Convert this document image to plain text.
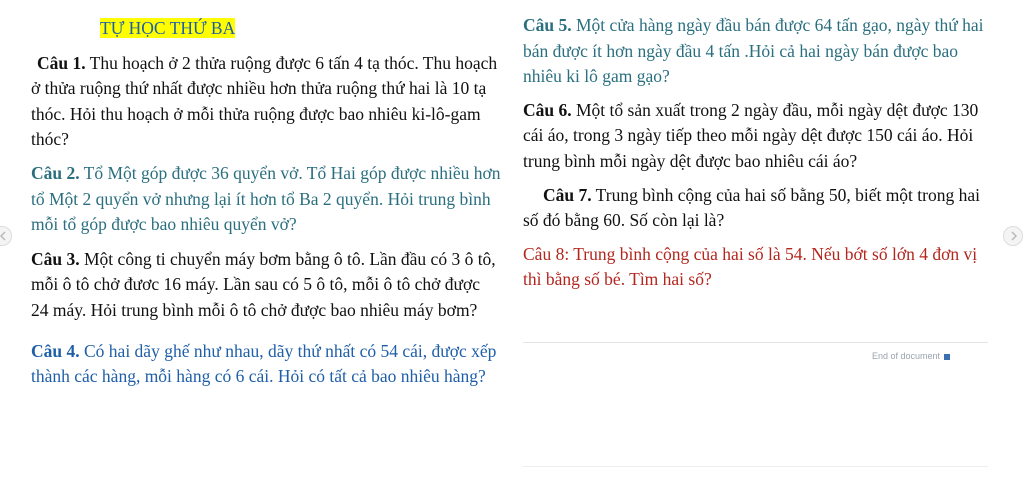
TỰ HỌC THỨ BA

Câu 1. Thu hoạch ở 2 thửa ruộng được 6 tấn 4 tạ thóc. Thu hoạch ở thửa ruộng thứ nhất được nhiều hơn thửa ruộng thứ hai là 10 tạ thóc. Hỏi thu hoạch ở mỗi thửa ruộng được bao nhiêu ki-lô-gam thóc?

Câu 2. Tổ Một góp được 36 quyển vở. Tổ Hai góp được nhiều hơn tổ Một 2 quyển vở nhưng lại ít hơn tổ Ba 2 quyển. Hỏi trung bình mỗi tổ góp được bao nhiêu quyển vở?

Câu 3. Một công ti chuyển máy bơm bằng ô tô. Lần đầu có 3 ô tô, mỗi ô tô chở đươc 16 máy. Lần sau có 5 ô tô, mỗi ô tô chở được 24 máy. Hỏi trung bình mỗi ô tô chở được bao nhiêu máy bơm?

Câu 4. Có hai dãy ghế như nhau, dãy thứ nhất có 54 cái, được xếp thành các hàng, mỗi hàng có 6 cái. Hỏi có tất cả bao nhiêu hàng?

Câu 5. Một cửa hàng ngày đầu bán được 64 tấn gạo, ngày thứ hai bán được ít hơn ngày đầu 4 tấn .Hỏi cả hai ngày bán được bao nhiêu ki lô gam gạo?

Câu 6. Một tổ sản xuất trong 2 ngày đầu, mỗi ngày dệt được 130 cái áo, trong 3 ngày tiếp theo mỗi ngày dệt được 150 cái áo. Hỏi trung bình mỗi ngày dệt được bao nhiêu cái áo?

Câu 7. Trung bình cộng của hai số bằng 50, biết một trong hai số đó bằng 60. Số còn lại là?

Câu 8: Trung bình cộng của hai số là 54. Nếu bớt số lớn 4 đơn vị thì bằng số bé. Tìm hai số?

End of document
